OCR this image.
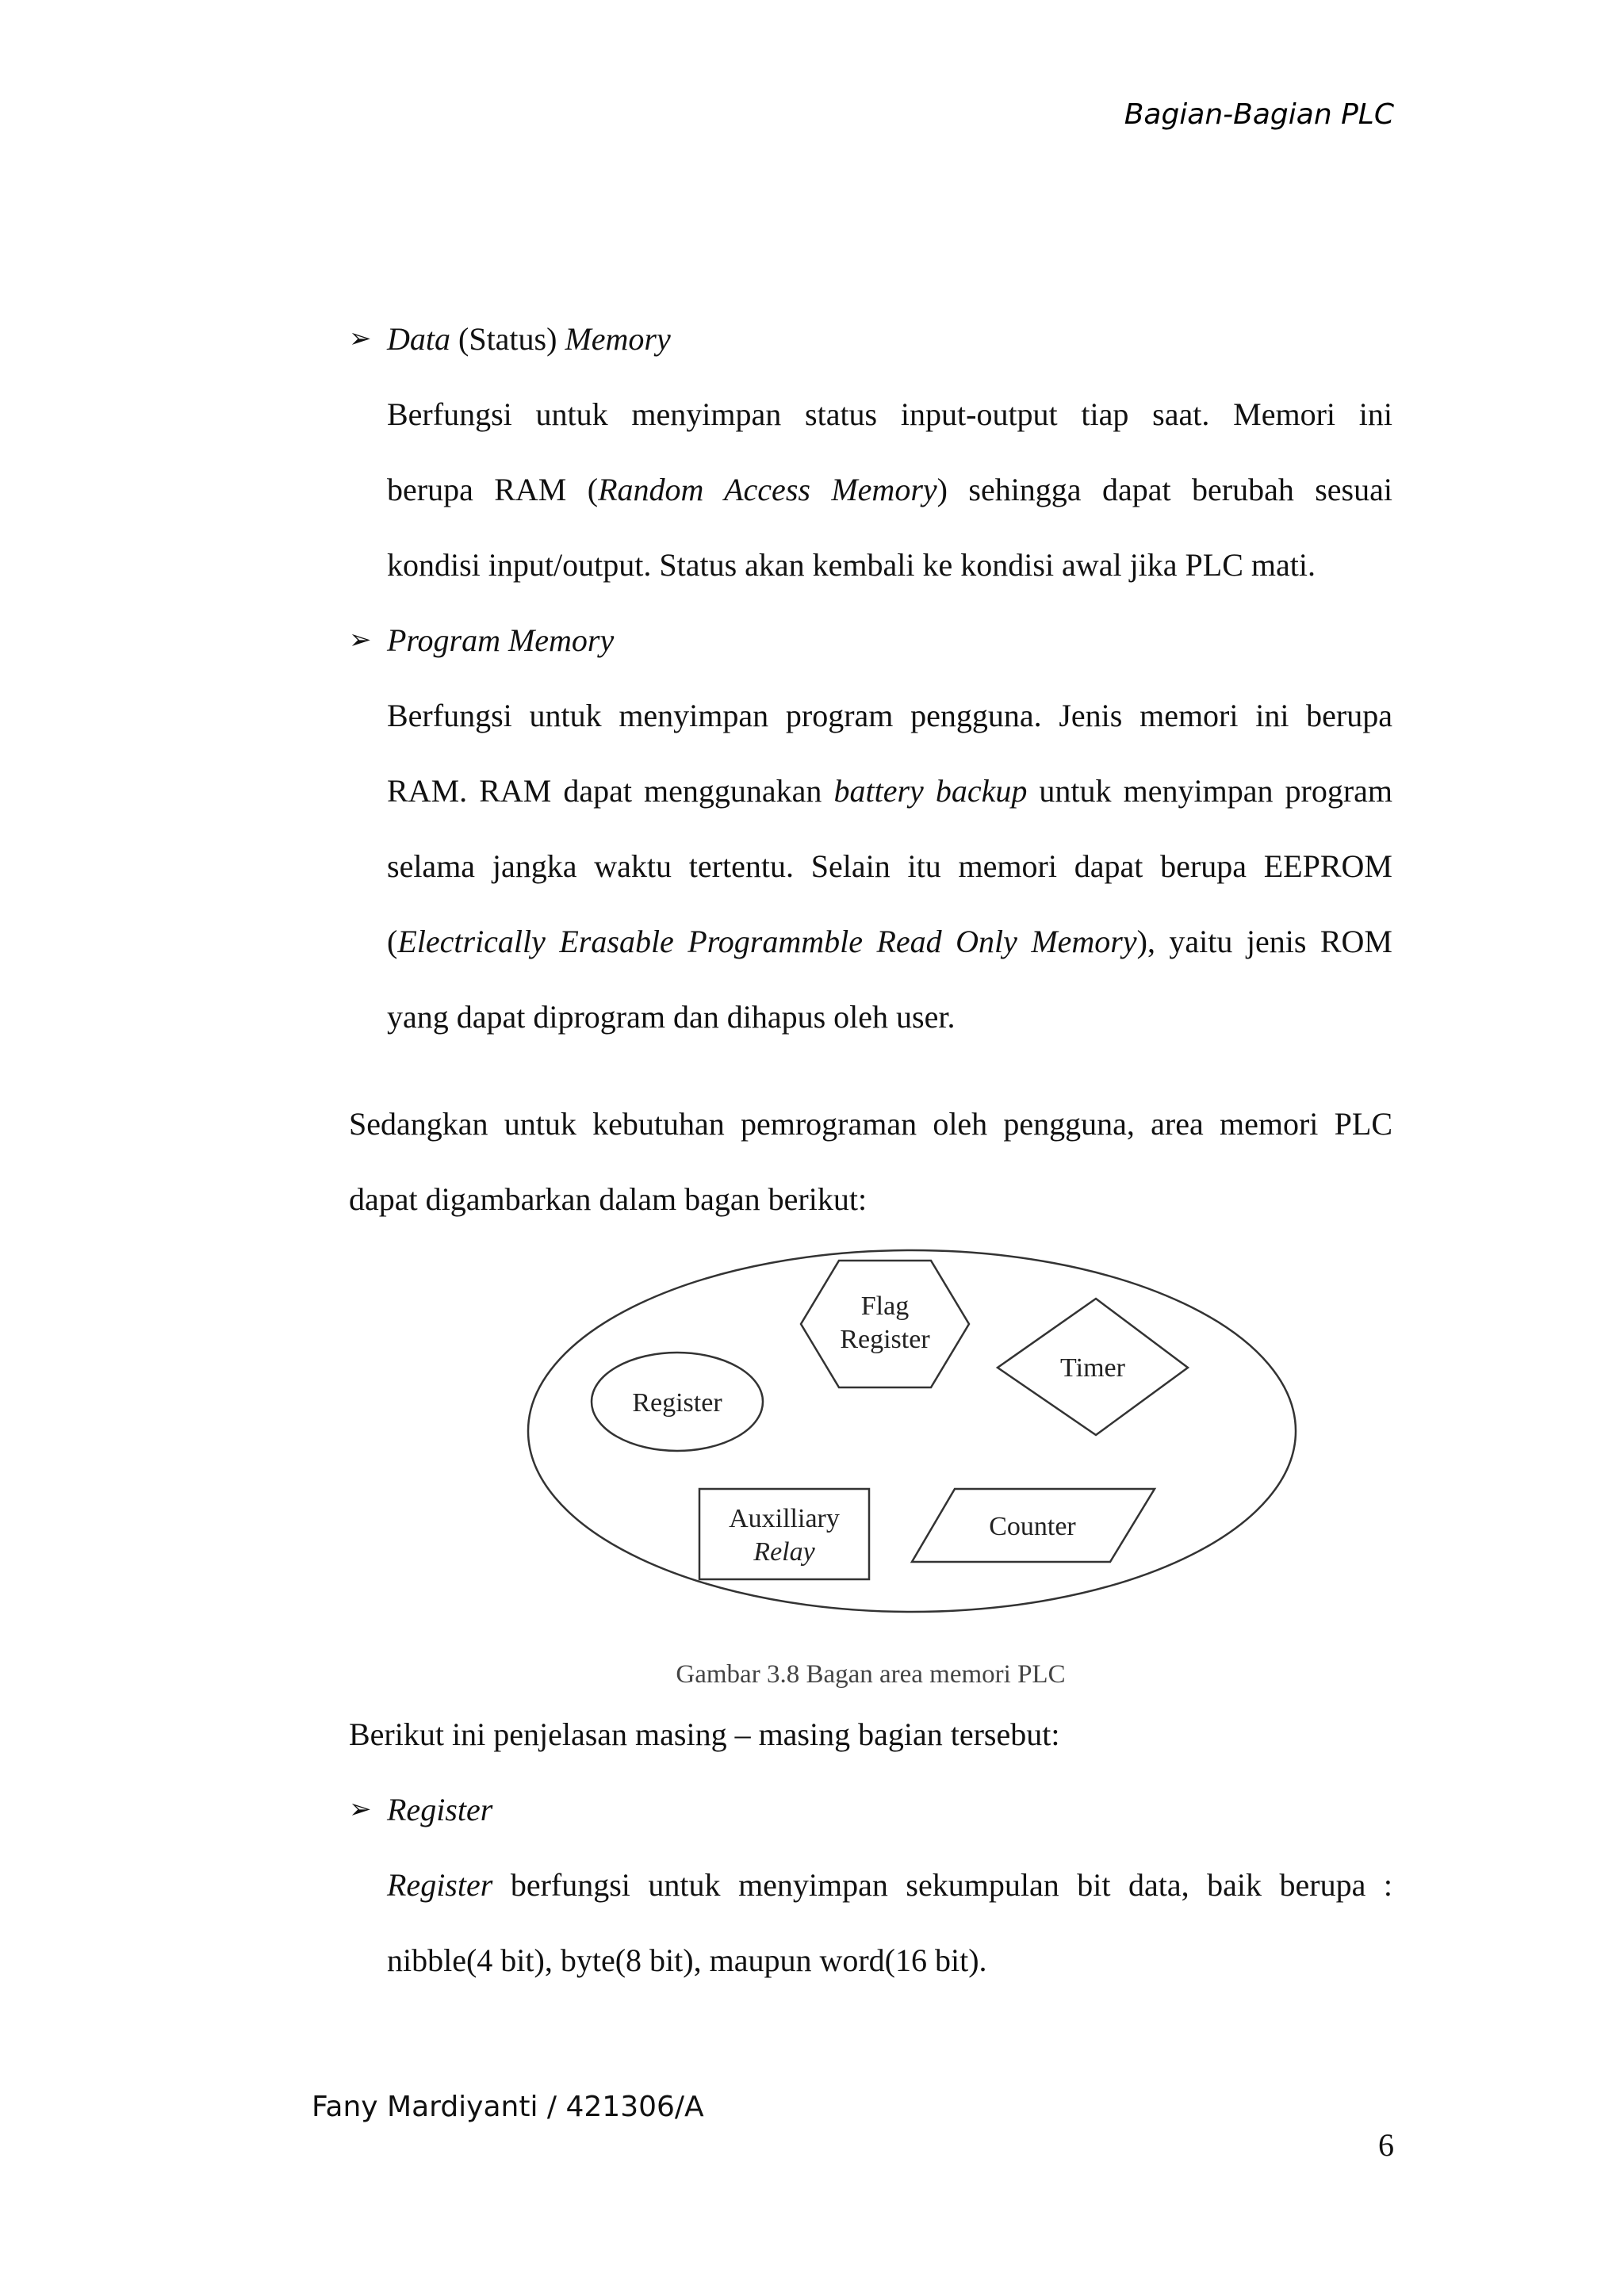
Bagian-Bagian PLC
➢ Data (Status) Memory
Berfungsi untuk menyimpan status input-output tiap saat. Memori ini
berupa RAM (Random Access Memory) sehingga dapat berubah sesuai
kondisi input/output. Status akan kembali ke kondisi awal jika PLC mati.
➢ Program Memory
Berfungsi untuk menyimpan program pengguna. Jenis memori ini berupa
RAM. RAM dapat menggunakan battery backup untuk menyimpan program
selama jangka waktu tertentu. Selain itu memori dapat berupa EEPROM
(Electrically Erasable Programmble Read Only Memory), yaitu jenis ROM
yang dapat diprogram dan dihapus oleh user.
Sedangkan untuk kebutuhan pemrograman oleh pengguna, area memori PLC
dapat digambarkan dalam bagan berikut:
Flag
Register
Register
Timer
Auxilliary
Relay
Counter
Gambar 3.8 Bagan area memori PLC
Berikut ini penjelasan masing – masing bagian tersebut:
➢ Register
Register berfungsi untuk menyimpan sekumpulan bit data, baik berupa :
nibble(4 bit), byte(8 bit), maupun word(16 bit).
Fany Mardiyanti / 421306/A
6
